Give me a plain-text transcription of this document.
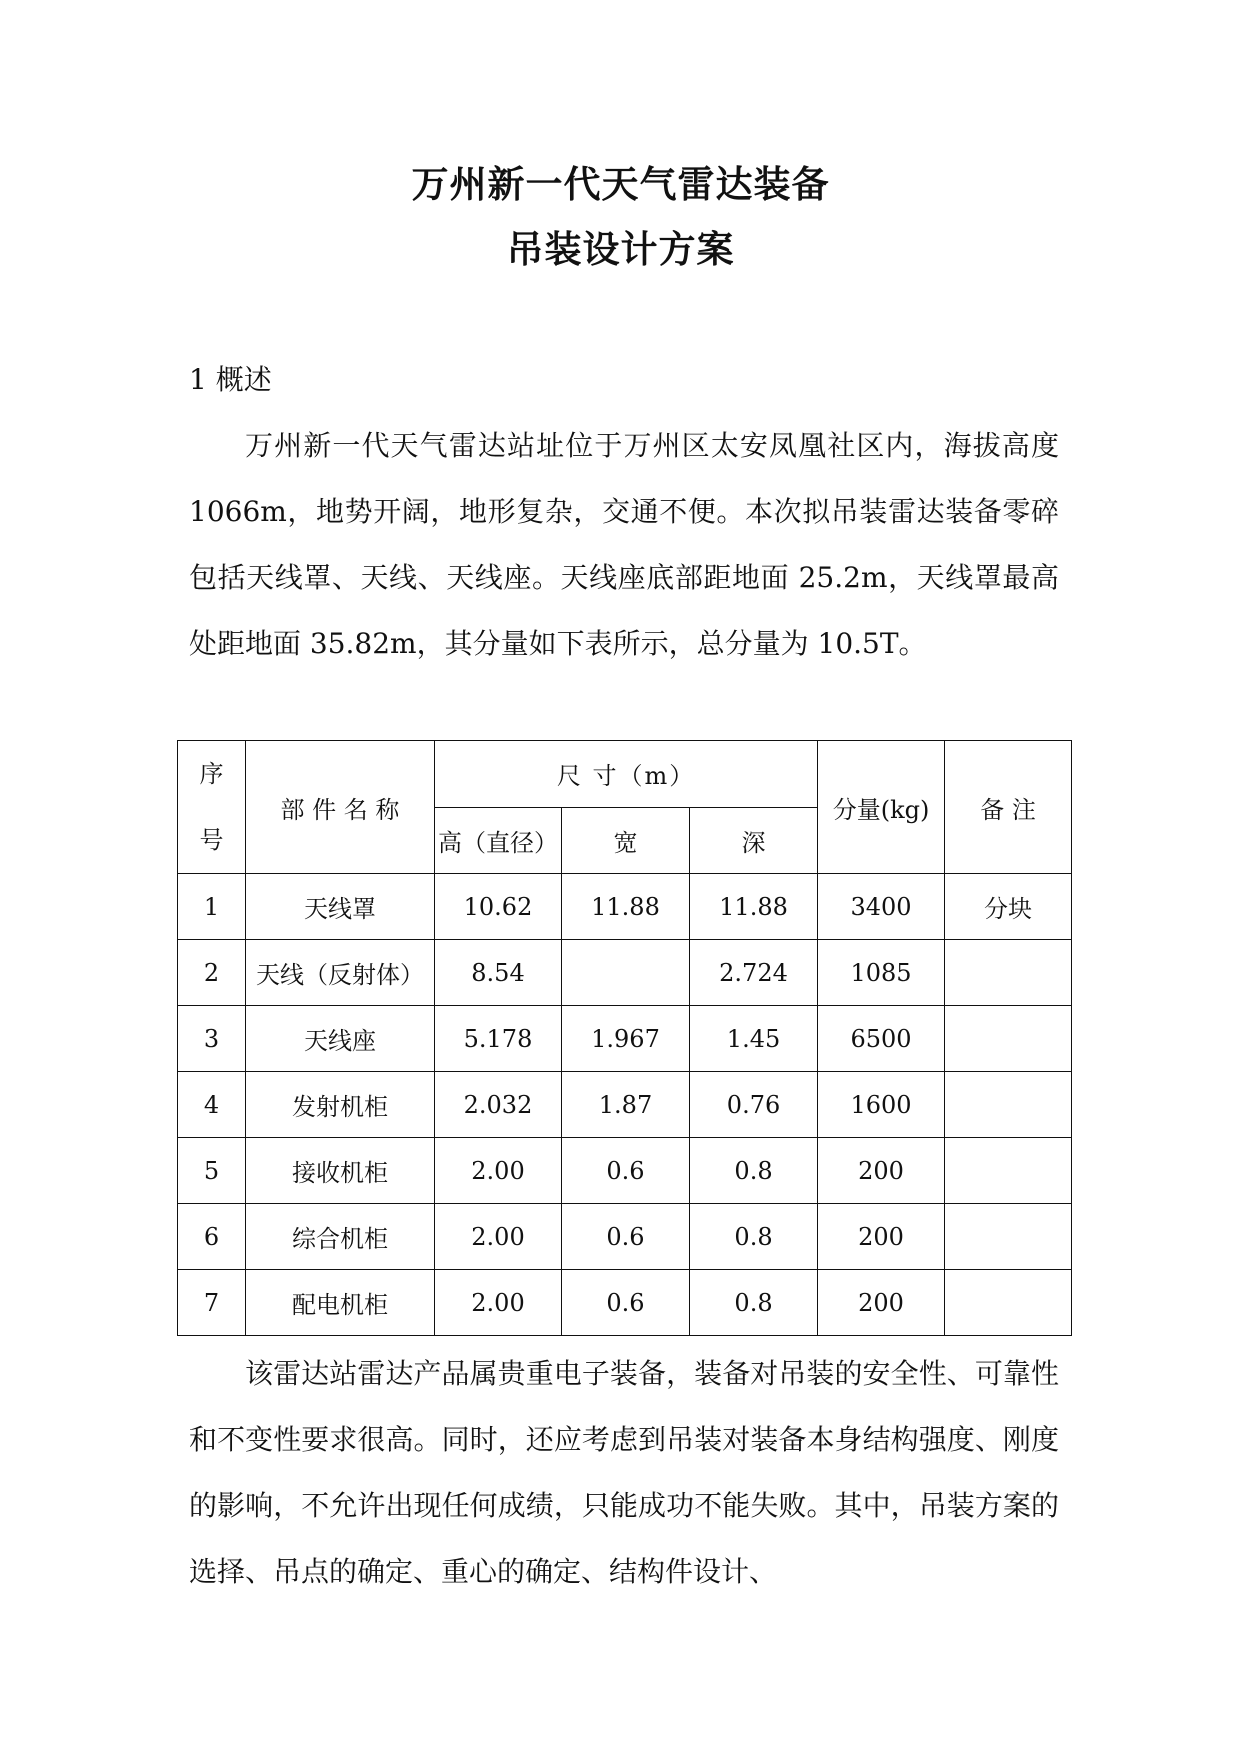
万州新一代天气雷达装备
吊装设计方案
1 概述
万州新一代天气雷达站址位于万州区太安凤凰社区内，海拔高度 1066m，地势开阔，地形复杂，交通不便。本次拟吊装雷达装备零碎包括天线罩、天线、天线座。天线座底部距地面 25.2m，天线罩最高处距地面 35.82m，其分量如下表所示，总分量为 10.5T。
序号	部 件 名 称	尺 寸（m）			分量(kg)	备 注
		高（直径）	宽	深		
1	天线罩	10.62	11.88	11.88	3400	分块
2	天线（反射体）	8.54		2.724	1085	
3	天线座	5.178	1.967	1.45	6500	
4	发射机柜	2.032	1.87	0.76	1600	
5	接收机柜	2.00	0.6	0.8	200	
6	综合机柜	2.00	0.6	0.8	200	
7	配电机柜	2.00	0.6	0.8	200	
该雷达站雷达产品属贵重电子装备，装备对吊装的安全性、可靠性和不变性要求很高。同时，还应考虑到吊装对装备本身结构强度、刚度的影响，不允许出现任何成绩，只能成功不能失败。其中，吊装方案的选择、吊点的确定、重心的确定、结构件设计、
